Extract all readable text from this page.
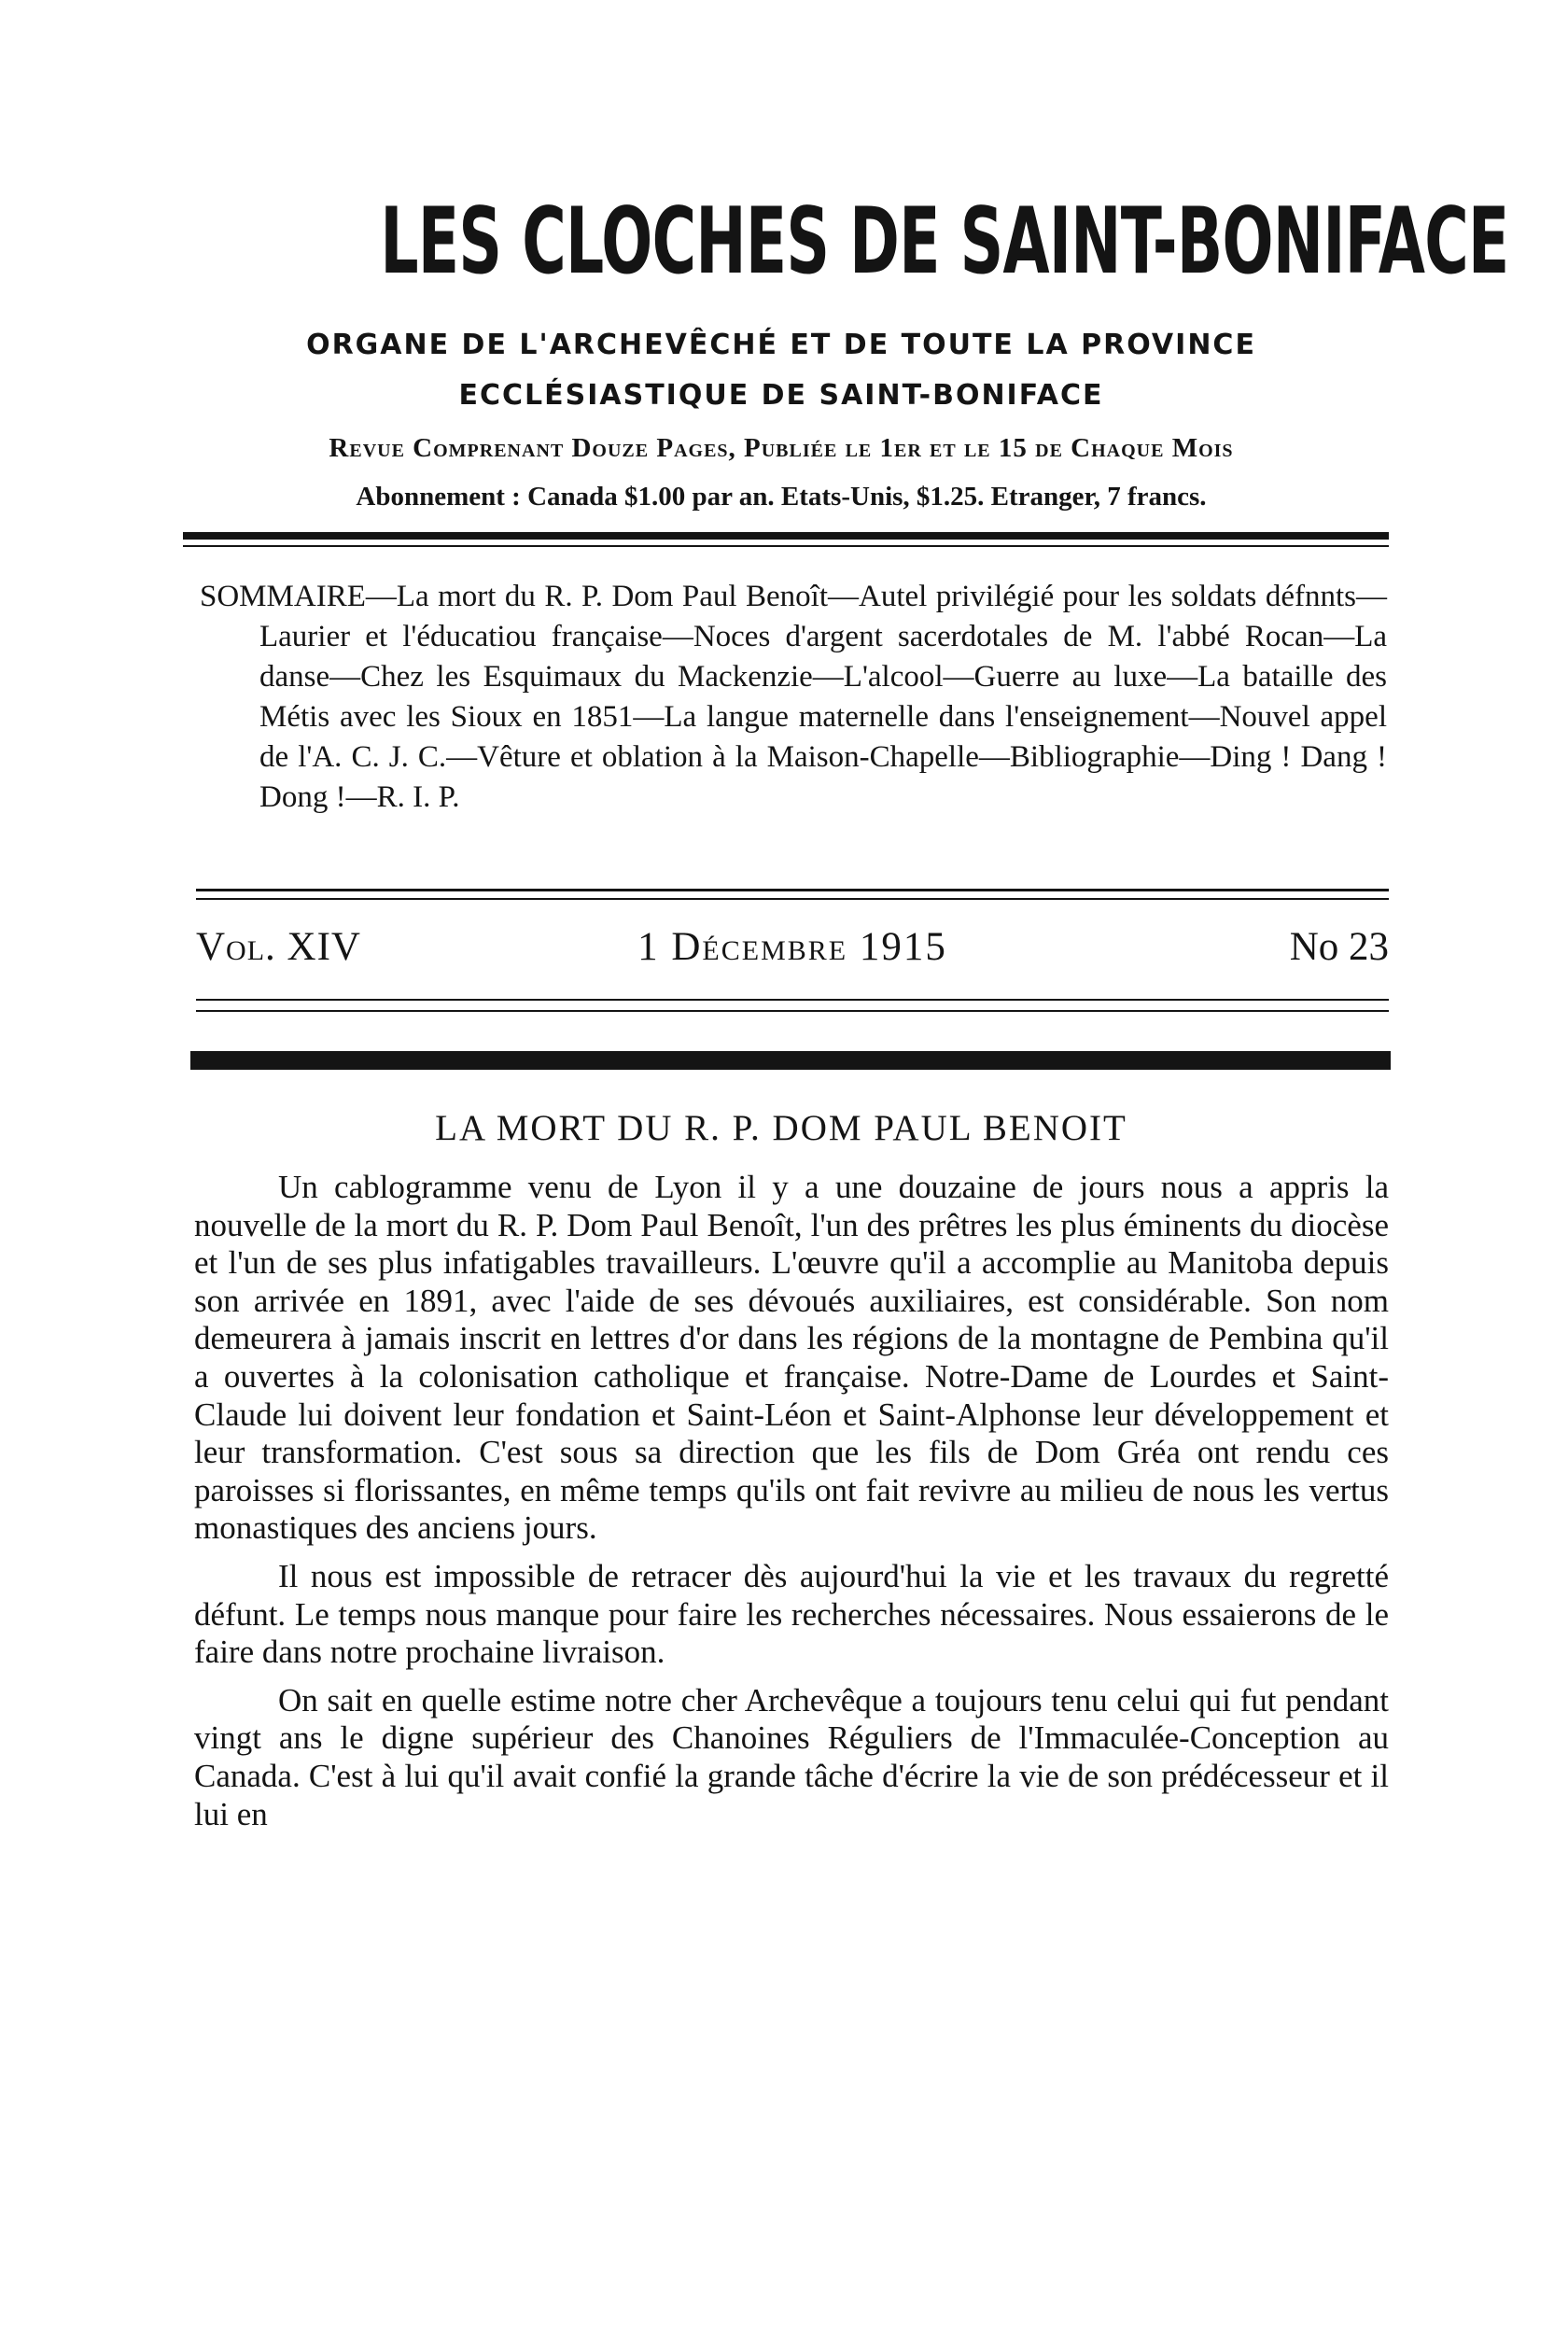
LES CLOCHES DE SAINT-BONIFACE
ORGANE DE L'ARCHEVÊCHÉ ET DE TOUTE LA PROVINCE
ECCLÉSIASTIQUE DE SAINT-BONIFACE
Revue Comprenant Douze Pages, Publiée le 1er et le 15 de Chaque Mois
Abonnement : Canada $1.00 par an. Etats-Unis, $1.25. Etranger, 7 francs.
SOMMAIRE—La mort du R. P. Dom Paul Benoît—Autel privilégié pour les soldats défnnts—Laurier et l'éducatiou française—Noces d'argent sacerdotales de M. l'abbé Rocan—La danse—Chez les Esquimaux du Mackenzie—L'alcool—Guerre au luxe—La bataille des Métis avec les Sioux en 1851—La langue maternelle dans l'enseignement—Nouvel appel de l'A. C. J. C.—Vêture et oblation à la Maison-Chapelle—Bibliographie—Ding ! Dang ! Dong !—R. I. P.
Vol. XIV	1 Décembre 1915	No 23
LA MORT DU R. P. DOM PAUL BENOIT

Un cablogramme venu de Lyon il y a une douzaine de jours nous a appris la nouvelle de la mort du R. P. Dom Paul Benoît, l'un des prêtres les plus éminents du diocèse et l'un de ses plus infatigables travailleurs. L'œuvre qu'il a accomplie au Manitoba depuis son arrivée en 1891, avec l'aide de ses dévoués auxiliaires, est considérable. Son nom demeurera à jamais inscrit en lettres d'or dans les régions de la montagne de Pembina qu'il a ouvertes à la colonisation catholique et française. Notre-Dame de Lourdes et Saint-Claude lui doivent leur fondation et Saint-Léon et Saint-Alphonse leur développement et leur transformation. C'est sous sa direction que les fils de Dom Gréa ont rendu ces paroisses si florissantes, en même temps qu'ils ont fait revivre au milieu de nous les vertus monastiques des anciens jours.

Il nous est impossible de retracer dès aujourd'hui la vie et les travaux du regretté défunt. Le temps nous manque pour faire les recherches nécessaires. Nous essaierons de le faire dans notre prochaine livraison.

On sait en quelle estime notre cher Archevêque a toujours tenu celui qui fut pendant vingt ans le digne supérieur des Chanoines Réguliers de l'Immaculée-Conception au Canada. C'est à lui qu'il avait confié la grande tâche d'écrire la vie de son prédécesseur et il lui en
